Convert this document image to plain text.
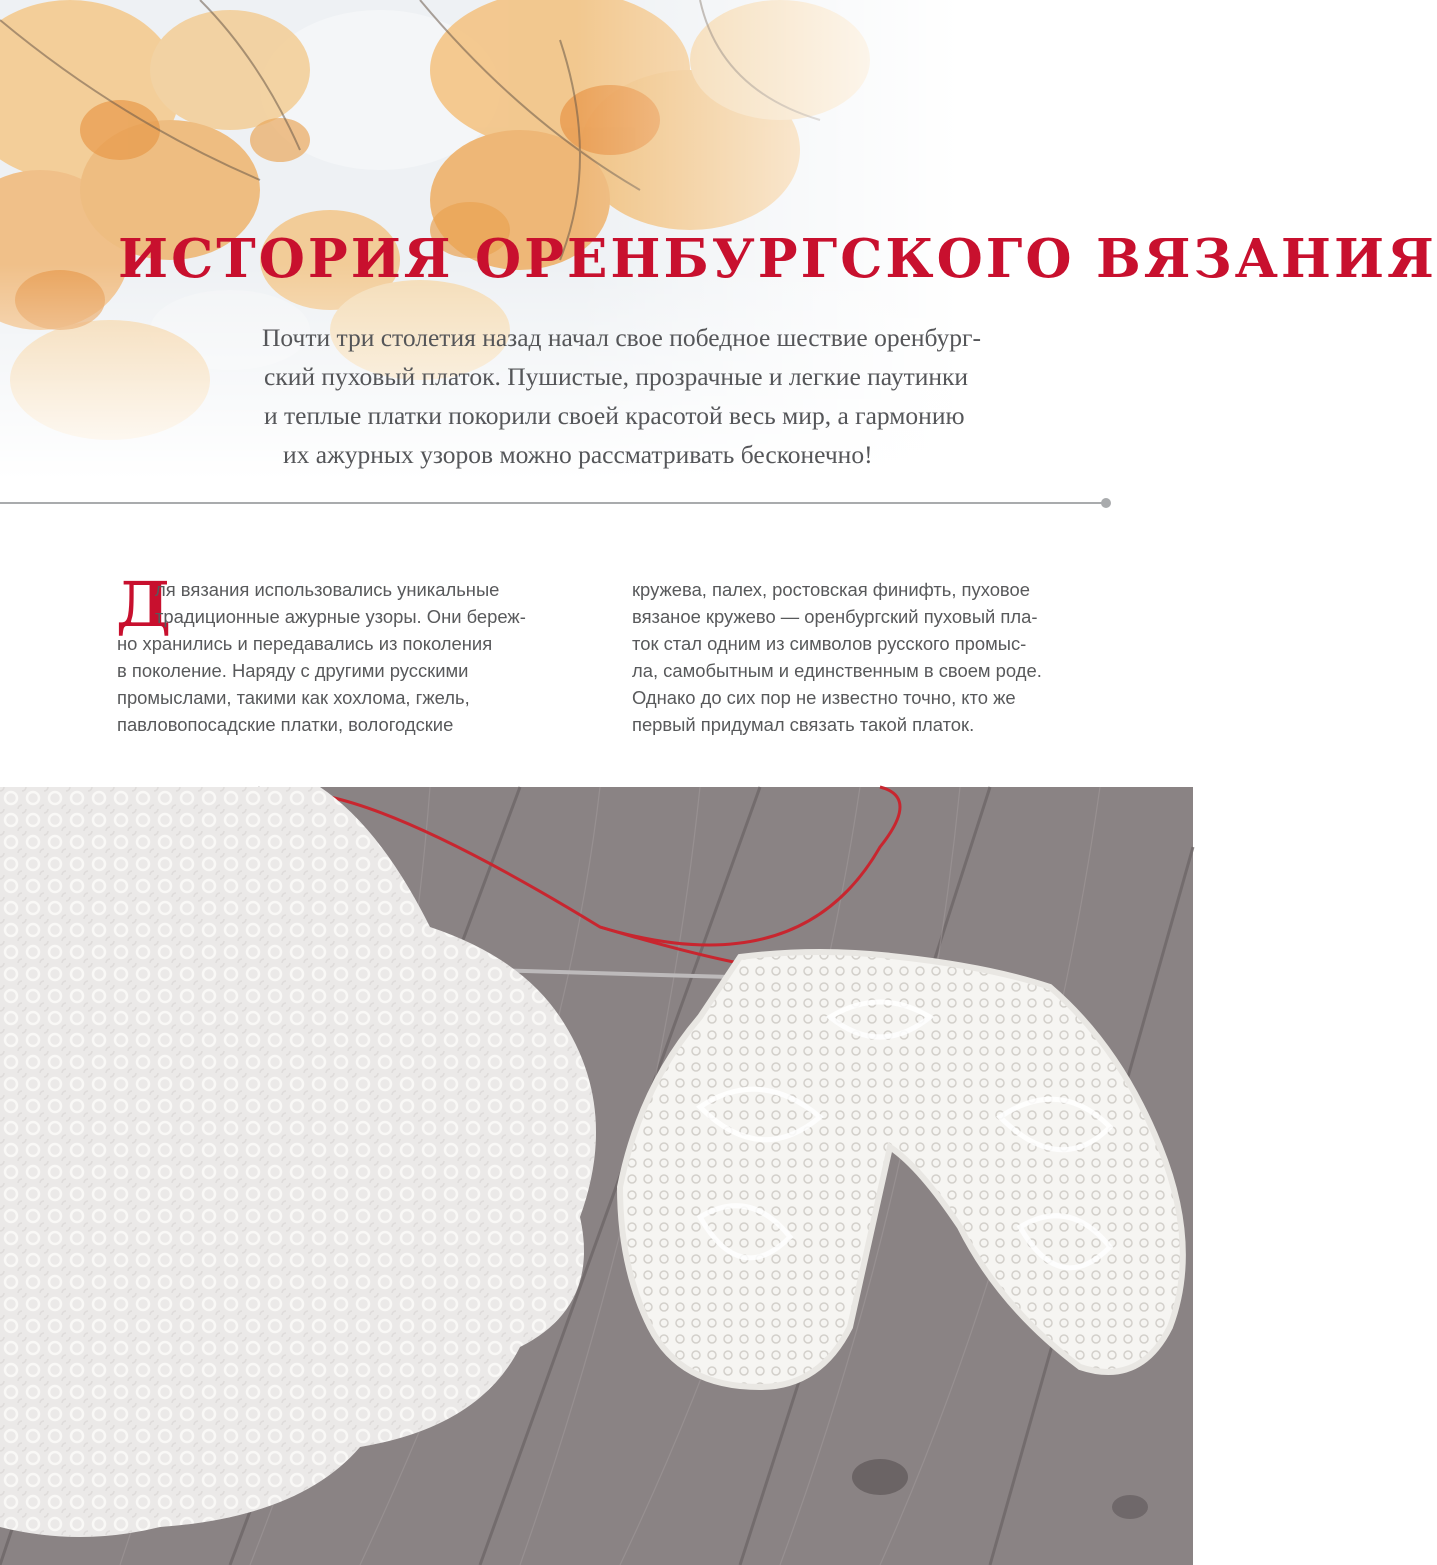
ИСТОРИЯ ОРЕНБУРГСКОГО ВЯЗАНИЯ

Почти три столетия назад начал свое победное шествие оренбург-
ский пуховый платок. Пушистые, прозрачные и легкие паутинки
и теплые платки покорили своей красотой весь мир, а гармонию
их ажурных узоров можно рассматривать бесконечно!

Д

ля вязания использовались уникальные
традиционные ажурные узоры. Они береж-
но хранились и передавались из поколения
в поколение. Наряду с другими русскими
промыслами, такими как хохлома, гжель,
павловопосадские платки, вологодские

кружева, палех, ростовская финифть, пуховое
вязаное кружево — оренбургский пуховый пла-
ток стал одним из символов русского промыс-
ла, самобытным и единственным в своем роде.
Однако до сих пор не известно точно, кто же
первый придумал связать такой платок.
